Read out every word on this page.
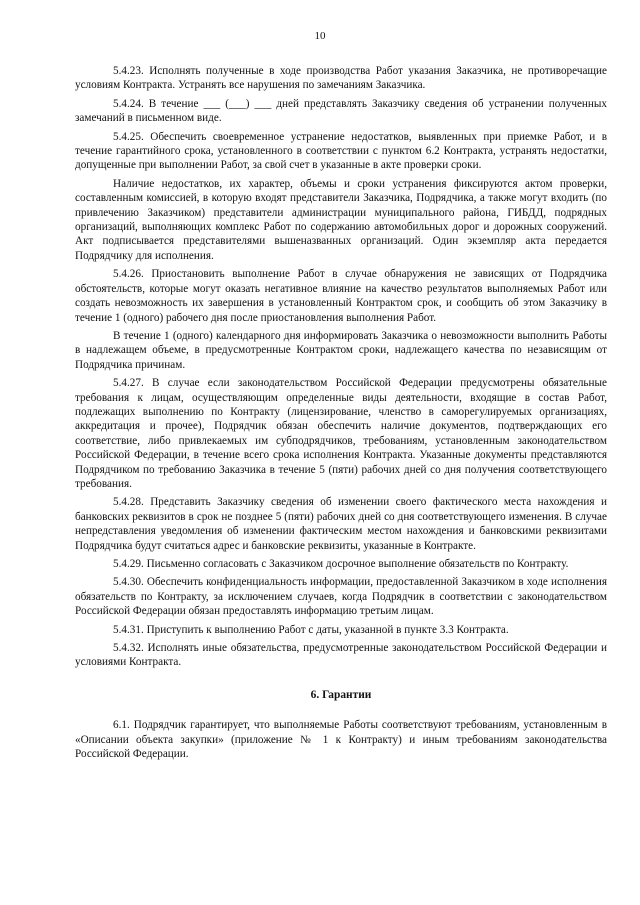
10

5.4.23. Исполнять полученные в ходе производства Работ указания Заказчика, не противоречащие условиям Контракта. Устранять все нарушения по замечаниям Заказчика.

5.4.24. В течение ___ (___) ___ дней представлять Заказчику сведения об устранении полученных замечаний в письменном виде.

5.4.25. Обеспечить своевременное устранение недостатков, выявленных при приемке Работ, и в течение гарантийного срока, установленного в соответствии с пунктом 6.2 Контракта, устранять недостатки, допущенные при выполнении Работ, за свой счет в указанные в акте проверки сроки.

Наличие недостатков, их характер, объемы и сроки устранения фиксируются актом проверки, составленным комиссией, в которую входят представители Заказчика, Подрядчика, а также могут входить (по привлечению Заказчиком) представители администрации муниципального района, ГИБДД, подрядных организаций, выполняющих комплекс Работ по содержанию автомобильных дорог и дорожных сооружений. Акт подписывается представителями вышеназванных организаций. Один экземпляр акта передается Подрядчику для исполнения.

5.4.26. Приостановить выполнение Работ в случае обнаружения не зависящих от Подрядчика обстоятельств, которые могут оказать негативное влияние на качество результатов выполняемых Работ или создать невозможность их завершения в установленный Контрактом срок, и сообщить об этом Заказчику в течение 1 (одного) рабочего дня после приостановления выполнения Работ.

В течение 1 (одного) календарного дня информировать Заказчика о невозможности выполнить Работы в надлежащем объеме, в предусмотренные Контрактом сроки, надлежащего качества по независящим от Подрядчика причинам.

5.4.27. В случае если законодательством Российской Федерации предусмотрены обязательные требования к лицам, осуществляющим определенные виды деятельности, входящие в состав Работ, подлежащих выполнению по Контракту (лицензирование, членство в саморегулируемых организациях, аккредитация и прочее), Подрядчик обязан обеспечить наличие документов, подтверждающих его соответствие, либо привлекаемых им субподрядчиков, требованиям, установленным законодательством Российской Федерации, в течение всего срока исполнения Контракта. Указанные документы представляются Подрядчиком по требованию Заказчика в течение 5 (пяти) рабочих дней со дня получения соответствующего требования.

5.4.28. Представить Заказчику сведения об изменении своего фактического места нахождения и банковских реквизитов в срок не позднее 5 (пяти) рабочих дней со дня соответствующего изменения. В случае непредставления уведомления об изменении фактическим местом нахождения и банковскими реквизитами Подрядчика будут считаться адрес и банковские реквизиты, указанные в Контракте.

5.4.29. Письменно согласовать с Заказчиком досрочное выполнение обязательств по Контракту.

5.4.30. Обеспечить конфиденциальность информации, предоставленной Заказчиком в ходе исполнения обязательств по Контракту, за исключением случаев, когда Подрядчик в соответствии с законодательством Российской Федерации обязан предоставлять информацию третьим лицам.

5.4.31. Приступить к выполнению Работ с даты, указанной в пункте 3.3 Контракта.

5.4.32. Исполнять иные обязательства, предусмотренные законодательством Российской Федерации и условиями Контракта.

6. Гарантии

6.1. Подрядчик гарантирует, что выполняемые Работы соответствуют требованиям, установленным в «Описании объекта закупки» (приложение № 1 к Контракту) и иным требованиям законодательства Российской Федерации.
